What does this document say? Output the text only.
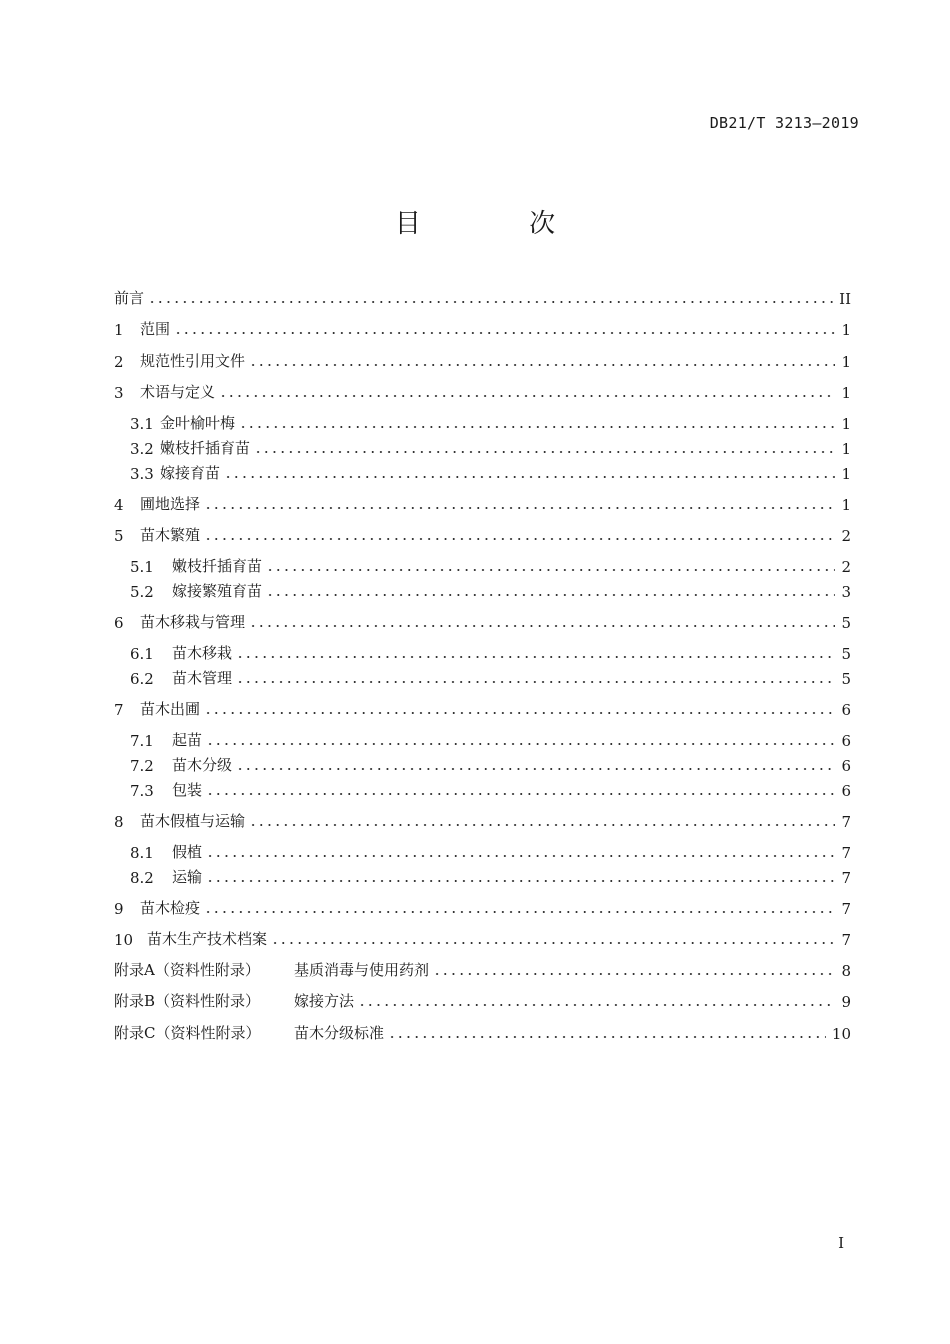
DB21/T 3213—2019
目 次
前言	II
1	范围	1
2	规范性引用文件	1
3	术语与定义	1
3.1 金叶榆叶梅	1
3.2 嫩枝扦插育苗	1
3.3 嫁接育苗	1
4	圃地选择	1
5	苗木繁殖	2
5.1	嫩枝扦插育苗	2
5.2	嫁接繁殖育苗	3
6	苗木移栽与管理	5
6.1	苗木移栽	5
6.2	苗木管理	5
7	苗木出圃	6
7.1	起苗	6
7.2	苗木分级	6
7.3	包装	6
8	苗木假植与运输	7
8.1	假植	7
8.2	运输	7
9	苗木检疫	7
10 苗木生产技术档案	7
附录A（资料性附录）	基质消毒与使用药剂	8
附录B（资料性附录）	嫁接方法	9
附录C（资料性附录）	苗木分级标准	10
I
